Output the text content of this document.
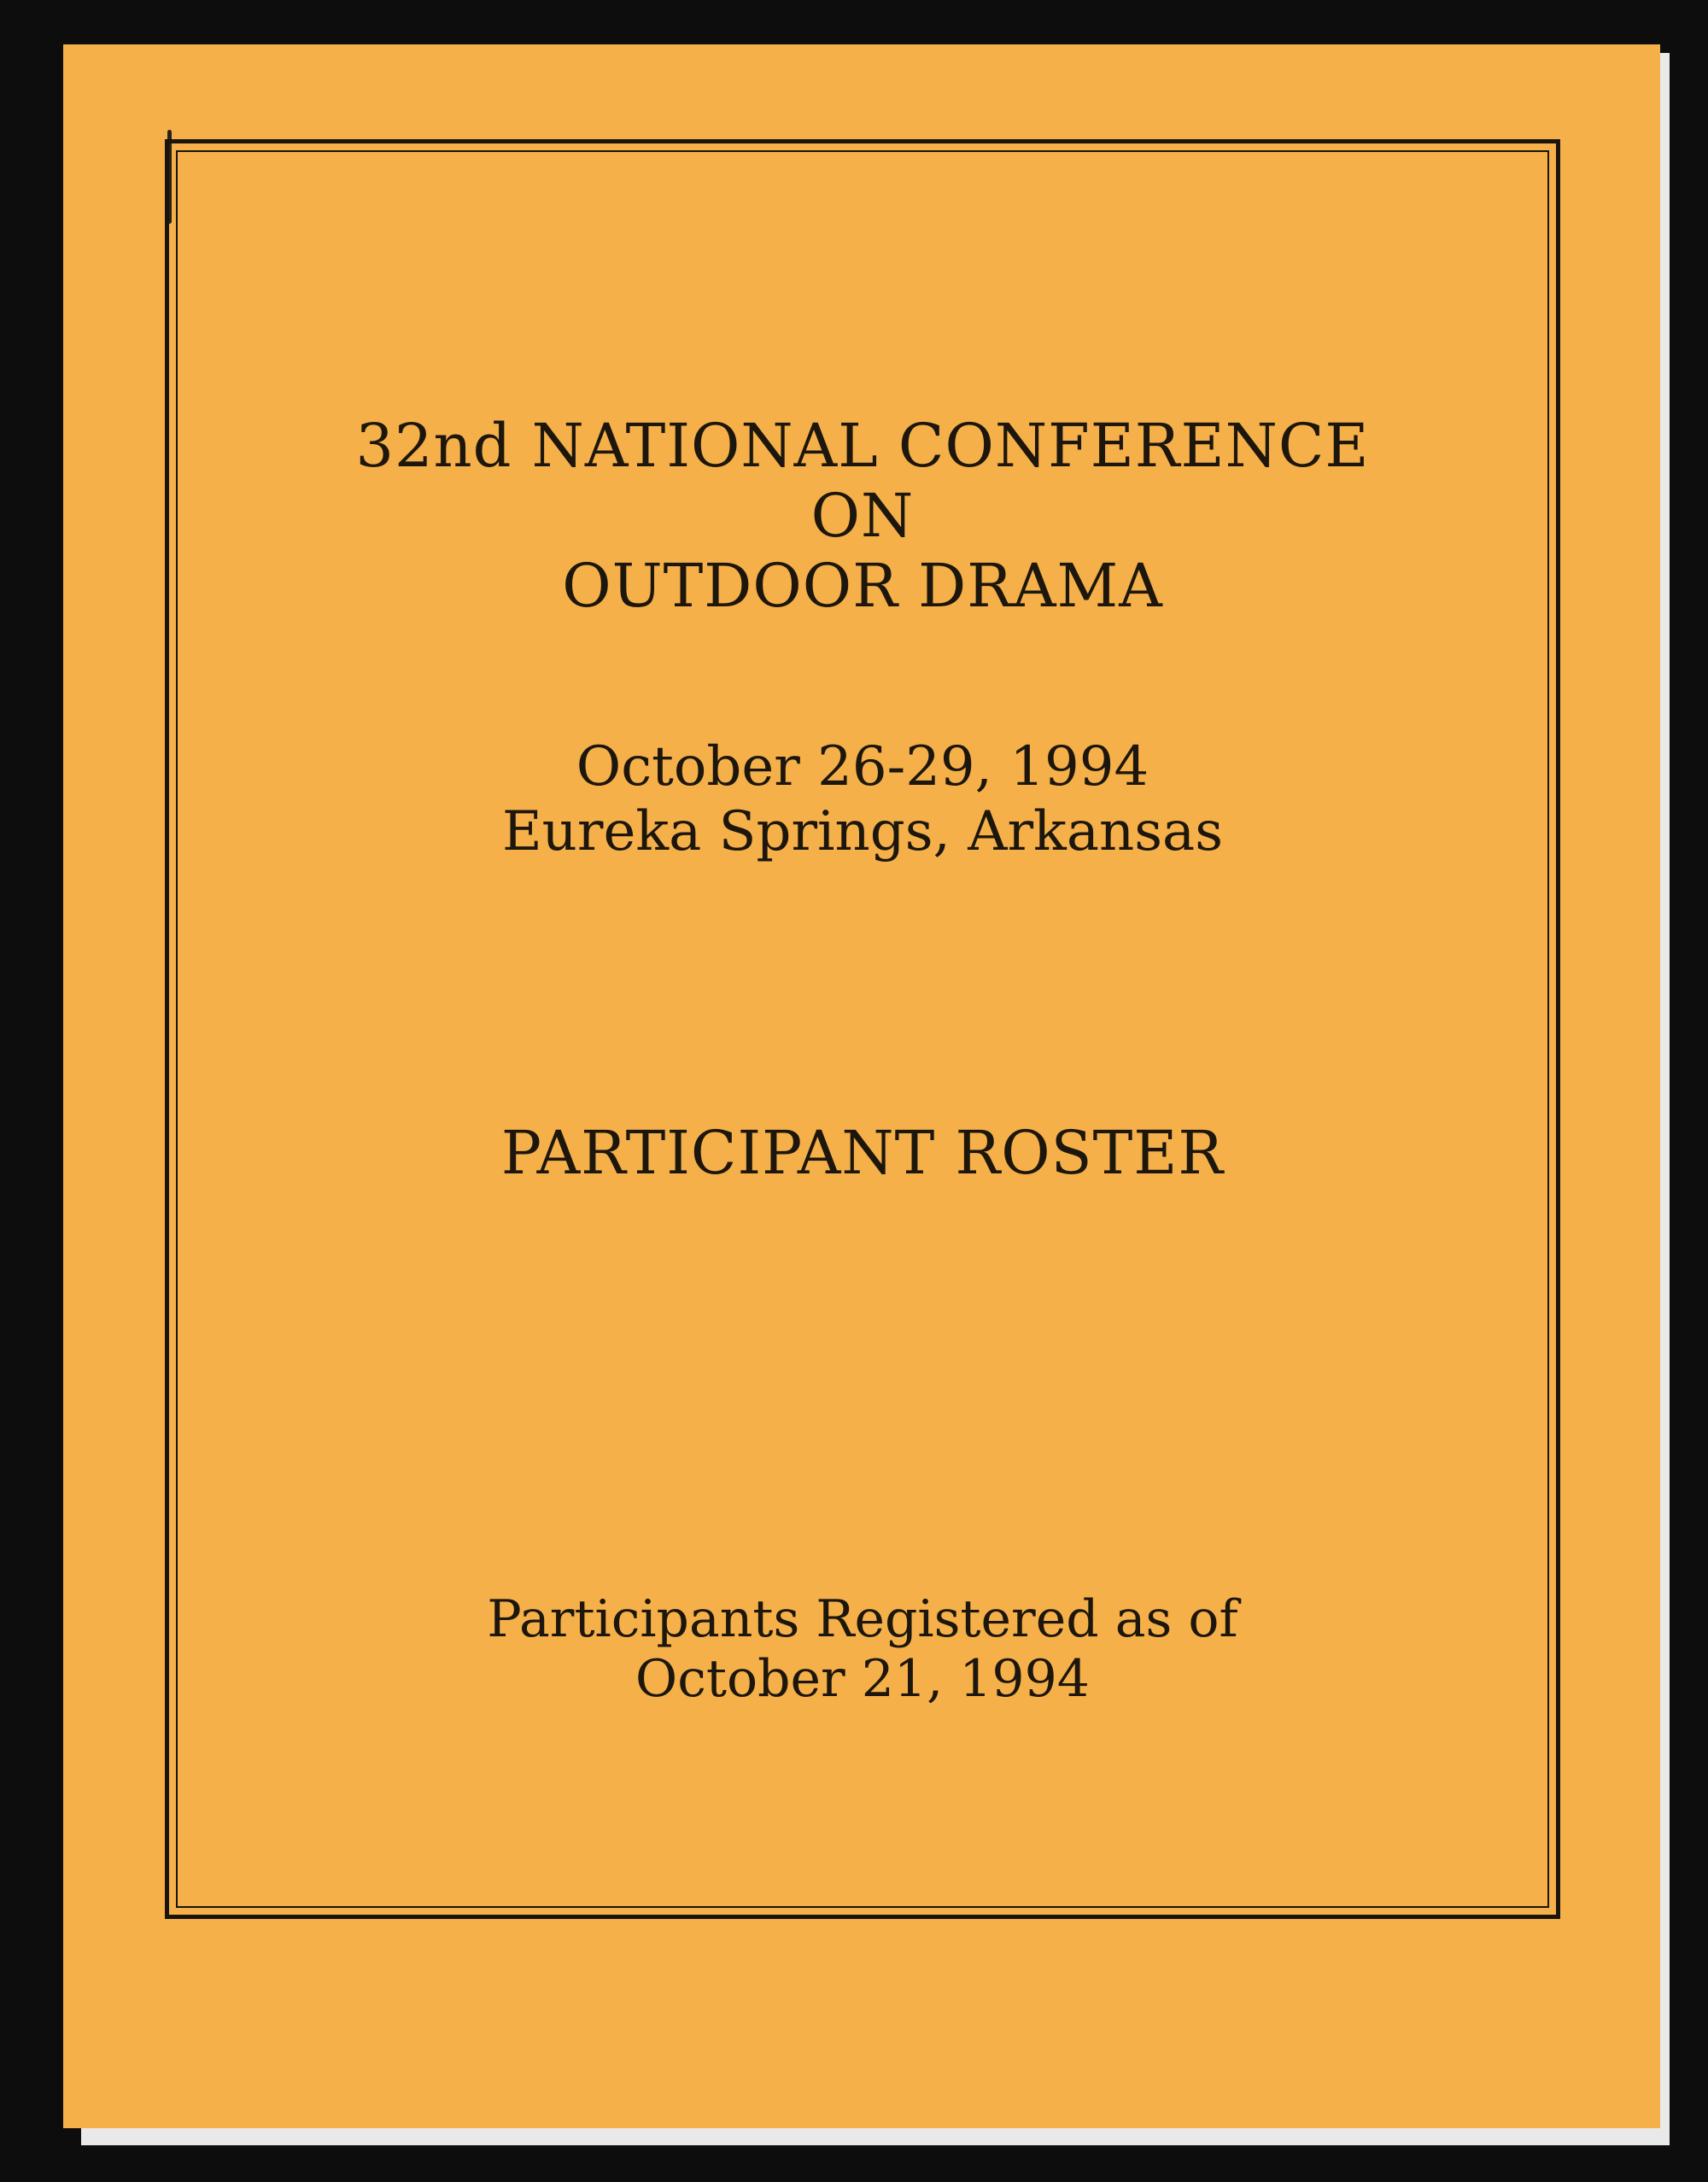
32nd NATIONAL CONFERENCE
ON
OUTDOOR DRAMA
October 26-29, 1994
Eureka Springs, Arkansas
PARTICIPANT ROSTER
Participants Registered as of
October 21, 1994
